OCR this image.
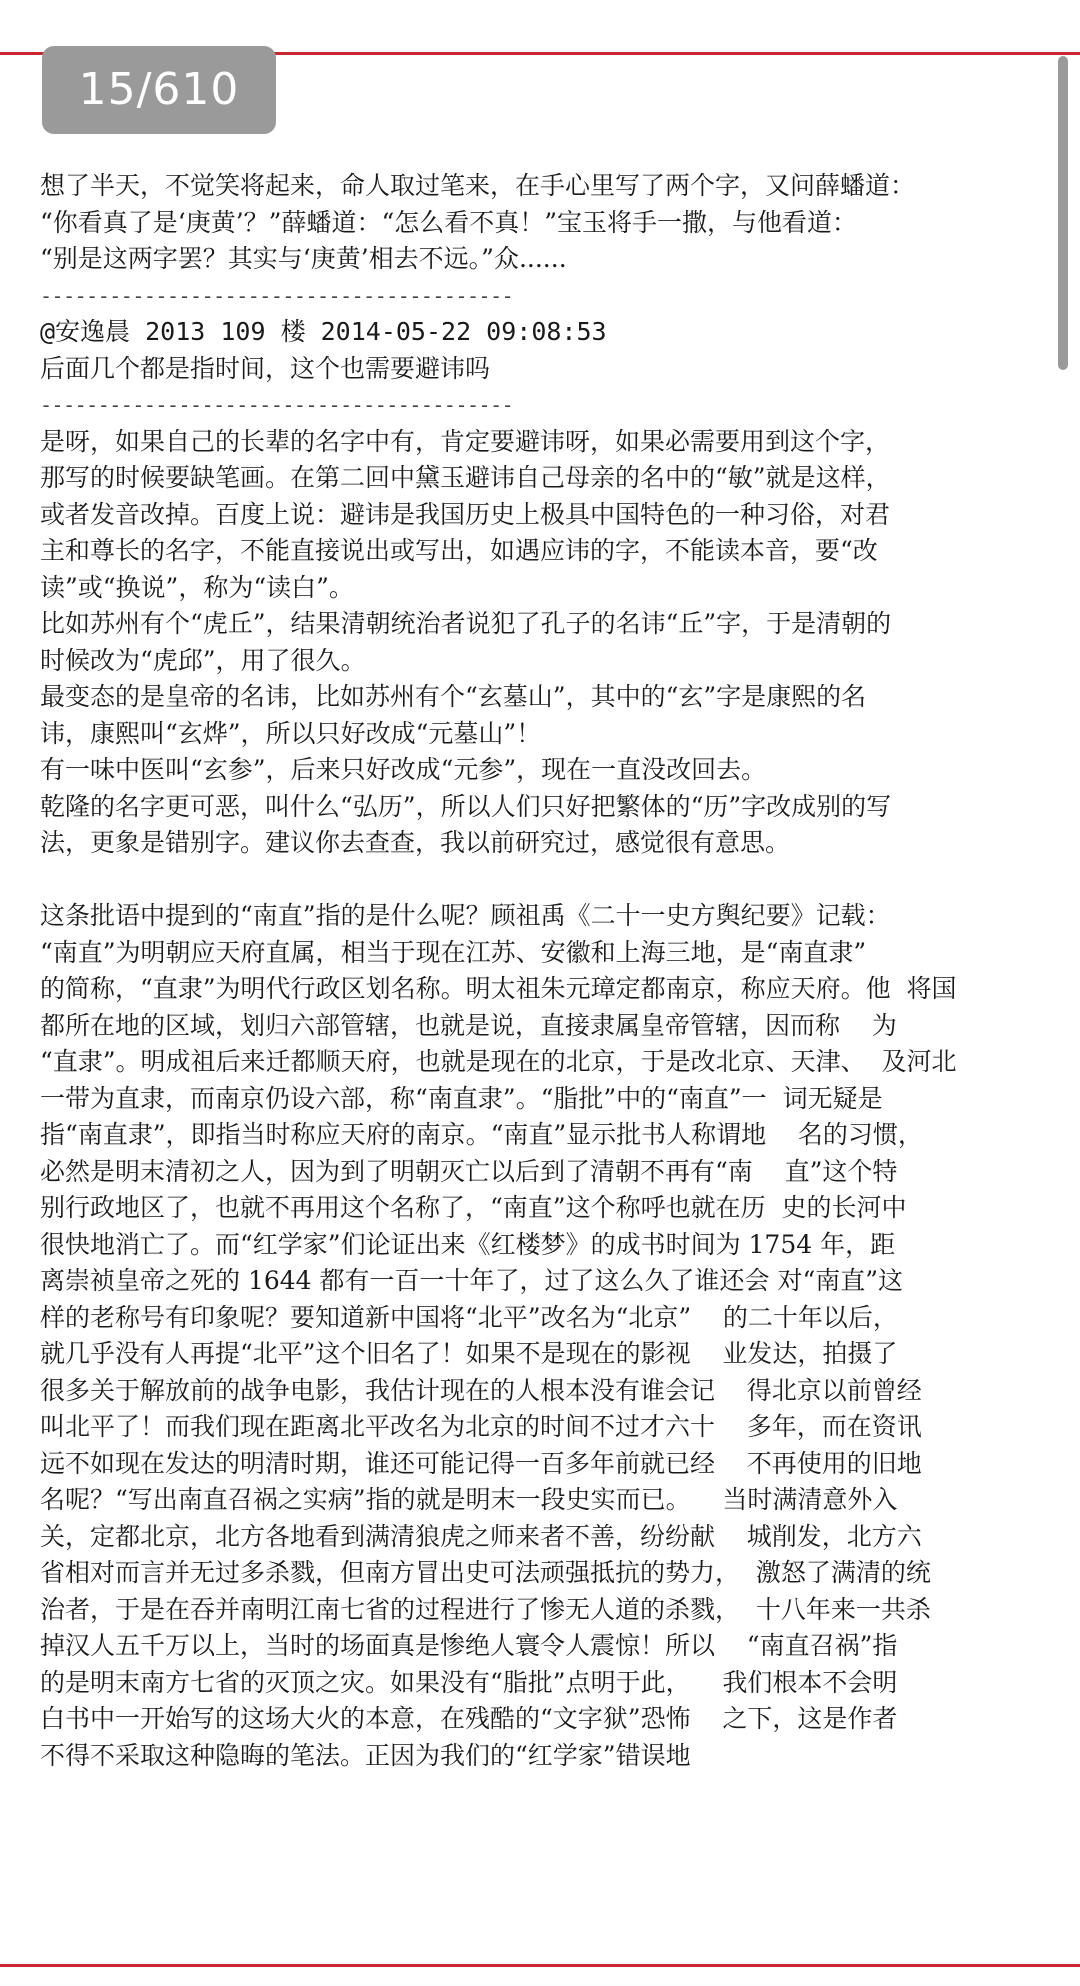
15/610
想了半天，不觉笑将起来，命人取过笔来，在手心里写了两个字，又问薛蟠道：
“你看真了是‘庚黄’？”薛蟠道：“怎么看不真！”宝玉将手一撒，与他看道：
“别是这两字罢？其实与‘庚黄’相去不远。”众......
-----------------------------------------
@安逸晨 2013 109 楼 2014-05-22 09:08:53
后面几个都是指时间，这个也需要避讳吗
-----------------------------------------
是呀，如果自己的长辈的名字中有，肯定要避讳呀，如果必需要用到这个字，
那写的时候要缺笔画。在第二回中黛玉避讳自己母亲的名中的“敏”就是这样，
或者发音改掉。百度上说：避讳是我国历史上极具中国特色的一种习俗，对君
主和尊长的名字，不能直接说出或写出，如遇应讳的字，不能读本音，要“改
读”或“换说”，称为“读白”。
比如苏州有个“虎丘”，结果清朝统治者说犯了孔子的名讳“丘”字，于是清朝的
时候改为“虎邱”，用了很久。
最变态的是皇帝的名讳，比如苏州有个“玄墓山”，其中的“玄”字是康熙的名
讳，康熙叫“玄烨”，所以只好改成“元墓山”！
有一味中医叫“玄参”，后来只好改成“元参”，现在一直没改回去。
乾隆的名字更可恶，叫什么“弘历”，所以人们只好把繁体的“历”字改成别的写
法，更象是错别字。建议你去查查，我以前研究过，感觉很有意思。
这条批语中提到的“南直”指的是什么呢？顾祖禹《二十一史方舆纪要》记载：
“南直”为明朝应天府直属，相当于现在江苏、安徽和上海三地，是“南直隶”
的简称，“直隶”为明代行政区划名称。明太祖朱元璋定都南京，称应天府。他  将国
都所在地的区域，划归六部管辖，也就是说，直接隶属皇帝管辖，因而称    为
“直隶”。明成祖后来迁都顺天府，也就是现在的北京，于是改北京、天津、  及河北
一带为直隶，而南京仍设六部，称“南直隶”。“脂批”中的“南直”一  词无疑是
指“南直隶”，即指当时称应天府的南京。“南直”显示批书人称谓地    名的习惯，
必然是明末清初之人，因为到了明朝灭亡以后到了清朝不再有“南    直”这个特
别行政地区了，也就不再用这个名称了，“南直”这个称呼也就在历  史的长河中
很快地消亡了。而“红学家”们论证出来《红楼梦》的成书时间为 1754 年，距
离崇祯皇帝之死的 1644 都有一百一十年了，过了这么久了谁还会 对“南直”这
样的老称号有印象呢？要知道新中国将“北平”改名为“北京”    的二十年以后，
就几乎没有人再提“北平”这个旧名了！如果不是现在的影视    业发达，拍摄了
很多关于解放前的战争电影，我估计现在的人根本没有谁会记    得北京以前曾经
叫北平了！而我们现在距离北平改名为北京的时间不过才六十    多年，而在资讯
远不如现在发达的明清时期，谁还可能记得一百多年前就已经    不再使用的旧地
名呢？“写出南直召祸之实病”指的就是明末一段史实而已。    当时满清意外入
关，定都北京，北方各地看到满清狼虎之师来者不善，纷纷献    城削发，北方六
省相对而言并无过多杀戮，但南方冒出史可法顽强抵抗的势力，  激怒了满清的统
治者，于是在吞并南明江南七省的过程进行了惨无人道的杀戮，  十八年来一共杀
掉汉人五千万以上，当时的场面真是惨绝人寰令人震惊！所以    “南直召祸”指
的是明末南方七省的灭顶之灾。如果没有“脂批”点明于此，    我们根本不会明
白书中一开始写的这场大火的本意，在残酷的“文字狱”恐怖    之下，这是作者
不得不采取这种隐晦的笔法。正因为我们的“红学家”错误地
